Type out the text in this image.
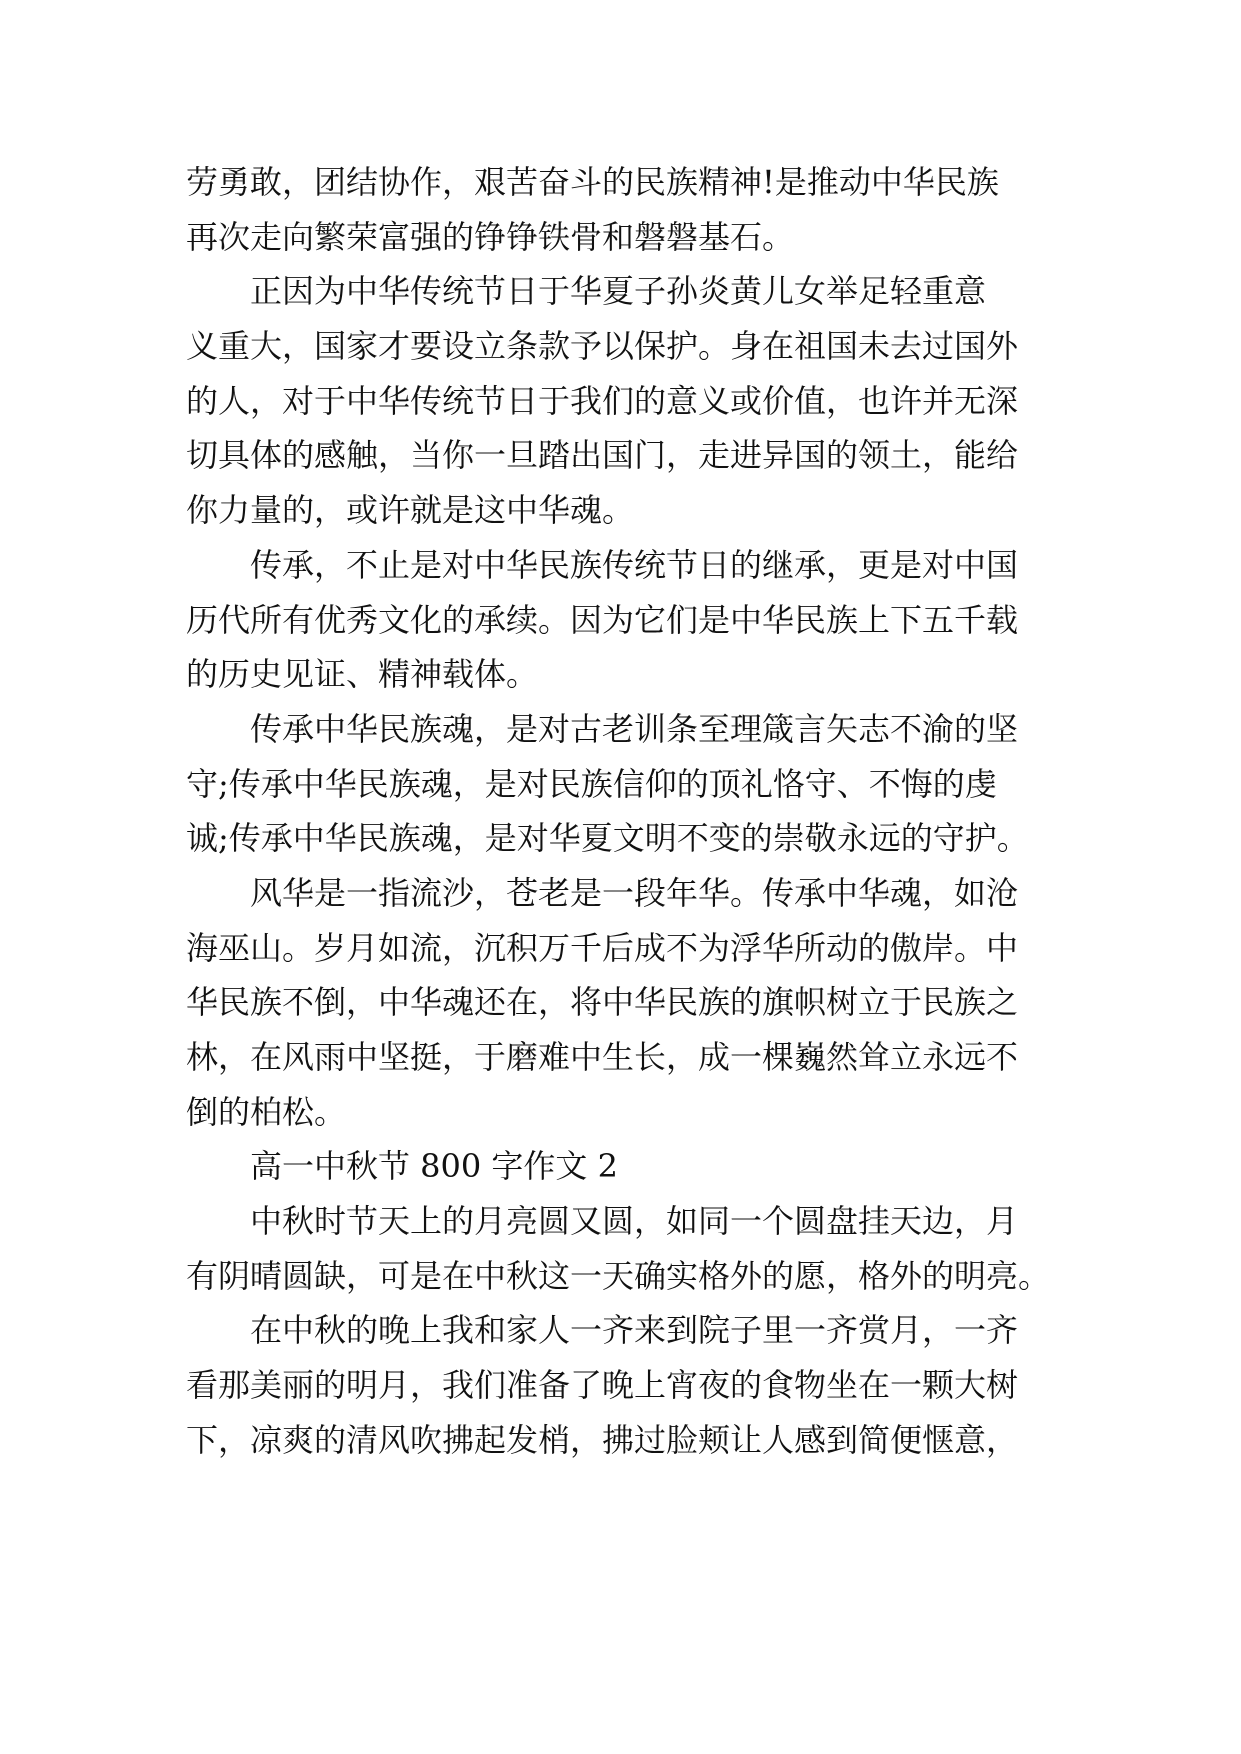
劳勇敢，团结协作，艰苦奋斗的民族精神!是推动中华民族
再次走向繁荣富强的铮铮铁骨和磐磐基石。
正因为中华传统节日于华夏子孙炎黄儿女举足轻重意
义重大，国家才要设立条款予以保护。身在祖国未去过国外
的人，对于中华传统节日于我们的意义或价值，也许并无深
切具体的感触，当你一旦踏出国门，走进异国的领土，能给
你力量的，或许就是这中华魂。
传承，不止是对中华民族传统节日的继承，更是对中国
历代所有优秀文化的承续。因为它们是中华民族上下五千载
的历史见证、精神载体。
传承中华民族魂，是对古老训条至理箴言矢志不渝的坚
守;传承中华民族魂，是对民族信仰的顶礼恪守、不悔的虔
诚;传承中华民族魂，是对华夏文明不变的崇敬永远的守护。
风华是一指流沙，苍老是一段年华。传承中华魂，如沧
海巫山。岁月如流，沉积万千后成不为浮华所动的傲岸。中
华民族不倒，中华魂还在，将中华民族的旗帜树立于民族之
林，在风雨中坚挺，于磨难中生长，成一棵巍然耸立永远不
倒的柏松。
高一中秋节 800 字作文 2
中秋时节天上的月亮圆又圆，如同一个圆盘挂天边，月
有阴晴圆缺，可是在中秋这一天确实格外的愿，格外的明亮。
在中秋的晚上我和家人一齐来到院子里一齐赏月，一齐
看那美丽的明月，我们准备了晚上宵夜的食物坐在一颗大树
下，凉爽的清风吹拂起发梢，拂过脸颊让人感到简便惬意，
